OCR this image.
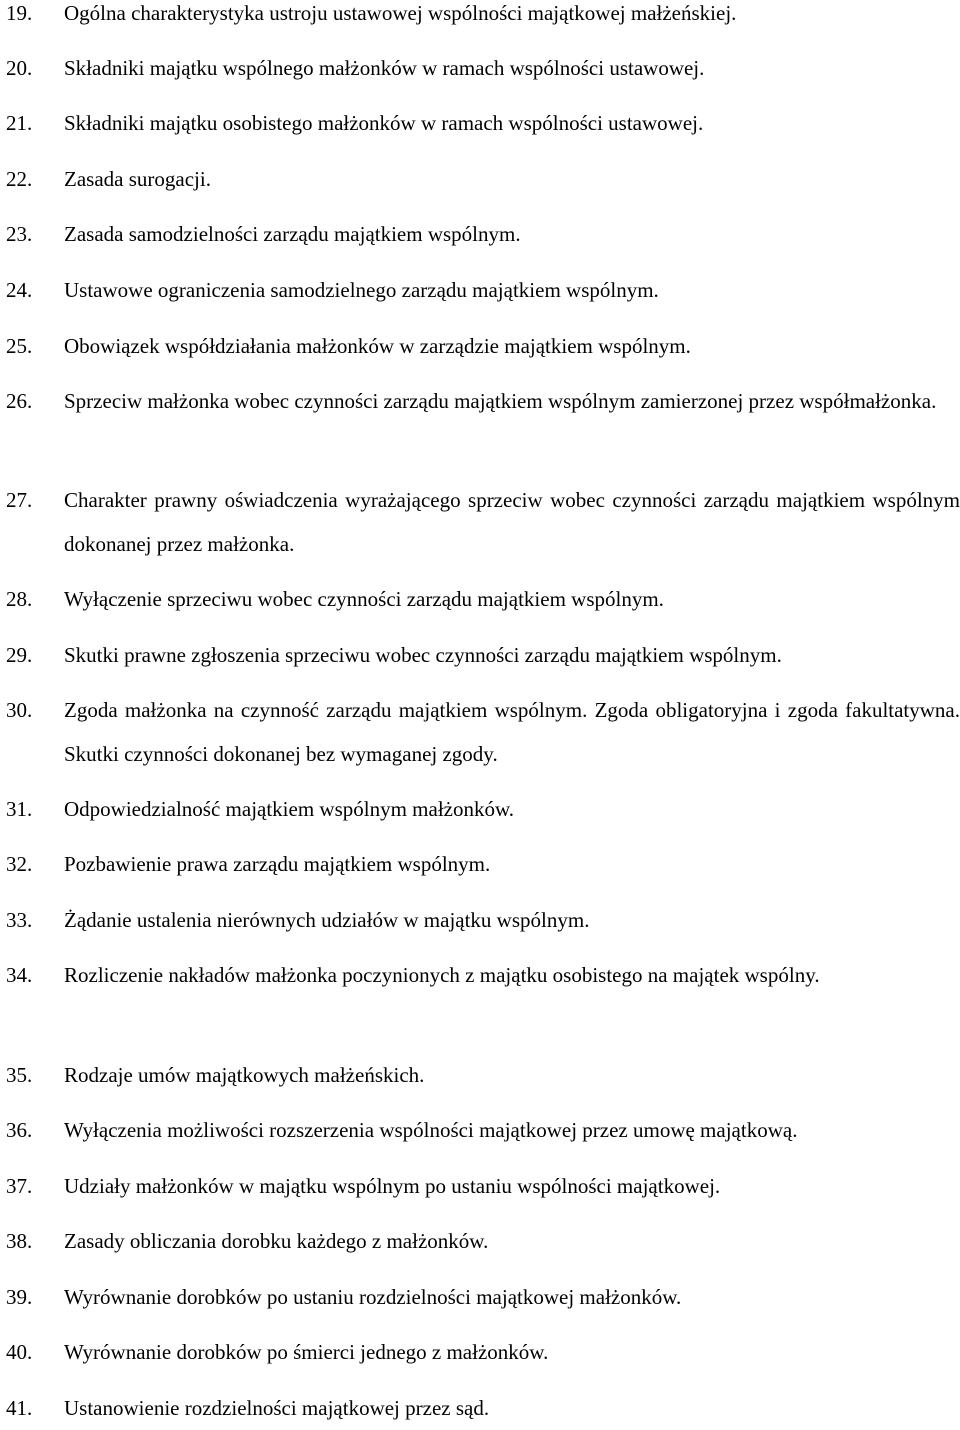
19. Ogólna charakterystyka ustroju ustawowej wspólności majątkowej małżeńskiej.
20. Składniki majątku wspólnego małżonków w ramach wspólności ustawowej.
21. Składniki majątku osobistego małżonków w ramach wspólności ustawowej.
22. Zasada surogacji.
23. Zasada samodzielności zarządu majątkiem wspólnym.
24. Ustawowe ograniczenia samodzielnego zarządu majątkiem wspólnym.
25. Obowiązek współdziałania małżonków w zarządzie majątkiem wspólnym.
26. Sprzeciw małżonka wobec czynności zarządu majątkiem wspólnym zamierzonej przez współmałżonka.
27. Charakter prawny oświadczenia wyrażającego sprzeciw wobec czynności zarządu majątkiem wspólnym dokonanej przez małżonka.
28. Wyłączenie sprzeciwu wobec czynności zarządu majątkiem wspólnym.
29. Skutki prawne zgłoszenia sprzeciwu wobec czynności zarządu majątkiem wspólnym.
30. Zgoda małżonka na czynność zarządu majątkiem wspólnym. Zgoda obligatoryjna i zgoda fakultatywna. Skutki czynności dokonanej bez wymaganej zgody.
31. Odpowiedzialność majątkiem wspólnym małżonków.
32. Pozbawienie prawa zarządu majątkiem wspólnym.
33. Żądanie ustalenia nierównych udziałów w majątku wspólnym.
34. Rozliczenie nakładów małżonka poczynionych z majątku osobistego na majątek wspólny.
35. Rodzaje umów majątkowych małżeńskich.
36. Wyłączenia możliwości rozszerzenia wspólności majątkowej przez umowę majątkową.
37. Udziały małżonków w majątku wspólnym po ustaniu wspólności majątkowej.
38. Zasady obliczania dorobku każdego z małżonków.
39. Wyrównanie dorobków po ustaniu rozdzielności majątkowej małżonków.
40. Wyrównanie dorobków po śmierci jednego z małżonków.
41. Ustanowienie rozdzielności majątkowej przez sąd.
